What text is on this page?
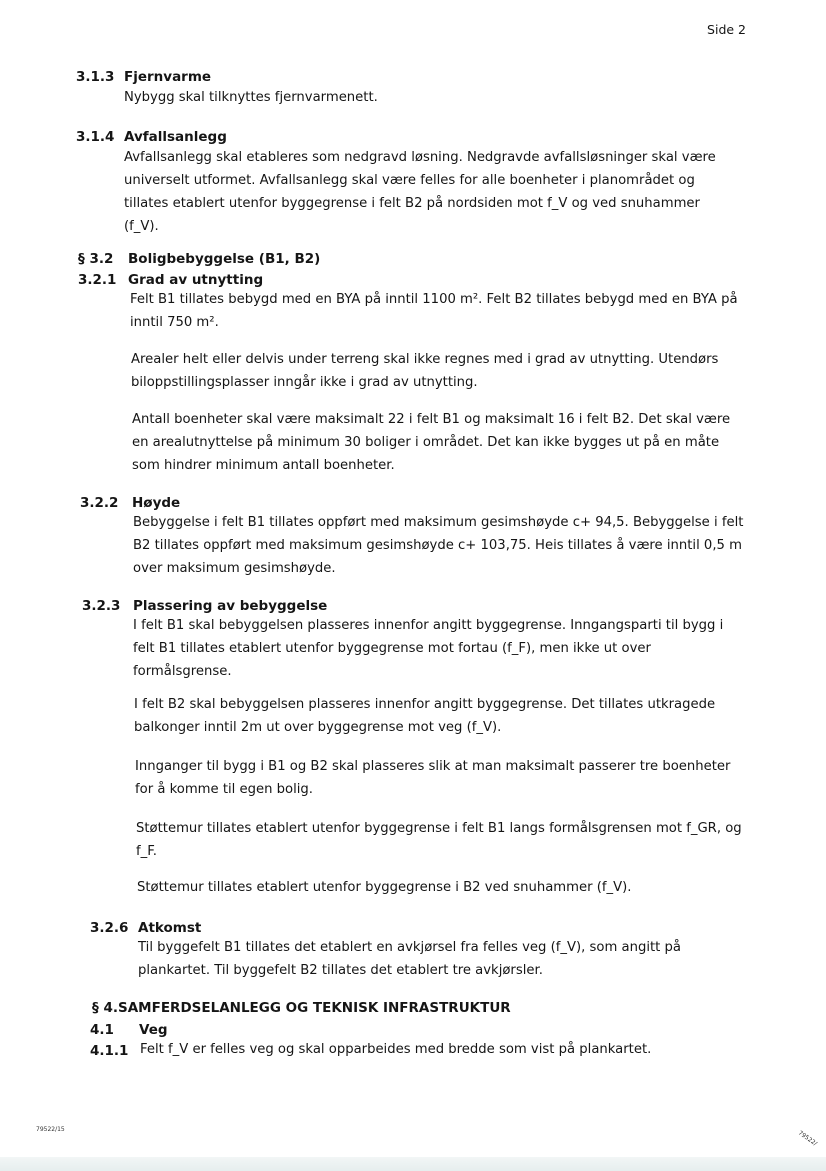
Side 2
3.1.3 Fjernvarme
Nybygg skal tilknyttes fjernvarmenett.
3.1.4 Avfallsanlegg
Avfallsanlegg skal etableres som nedgravd løsning. Nedgravde avfallsløsninger skal være universelt utformet. Avfallsanlegg skal være felles for alle boenheter i planområdet og tillates etablert utenfor byggegrense i felt B2 på nordsiden mot f_V og ved snuhammer (f_V).
§ 3.2 Boligbebyggelse (B1, B2)
3.2.1 Grad av utnytting
Felt B1 tillates bebygd med en BYA på inntil 1100 m². Felt B2 tillates bebygd med en BYA på inntil 750 m².
Arealer helt eller delvis under terreng skal ikke regnes med i grad av utnytting. Utendørs biloppstillingsplasser inngår ikke i grad av utnytting.
Antall boenheter skal være maksimalt 22 i felt B1 og maksimalt 16 i felt B2. Det skal være en arealutnyttelse på minimum 30 boliger i området. Det kan ikke bygges ut på en måte som hindrer minimum antall boenheter.
3.2.2 Høyde
Bebyggelse i felt B1 tillates oppført med maksimum gesimshøyde c+ 94,5. Bebyggelse i felt B2 tillates oppført med maksimum gesimshøyde c+ 103,75. Heis tillates å være inntil 0,5 m over maksimum gesimshøyde.
3.2.3 Plassering av bebyggelse
I felt B1 skal bebyggelsen plasseres innenfor angitt byggegrense. Inngangsparti til bygg i felt B1 tillates etablert utenfor byggegrense mot fortau (f_F), men ikke ut over formålsgrense.
I felt B2 skal bebyggelsen plasseres innenfor angitt byggegrense. Det tillates utkragede balkonger inntil 2m ut over byggegrense mot veg (f_V).
Innganger til bygg i B1 og B2 skal plasseres slik at man maksimalt passerer tre boenheter for å komme til egen bolig.
Støttemur tillates etablert utenfor byggegrense i felt B1 langs formålsgrensen mot f_GR, og f_F.
Støttemur tillates etablert utenfor byggegrense i B2 ved snuhammer (f_V).
3.2.6 Atkomst
Til byggefelt B1 tillates det etablert en avkjørsel fra felles veg (f_V), som angitt på plankartet. Til byggefelt B2 tillates det etablert tre avkjørsler.
§ 4. SAMFERDSELANLEGG OG TEKNISK INFRASTRUKTUR
4.1 Veg
4.1.1 Felt f_V er felles veg og skal opparbeides med bredde som vist på plankartet.
79522/15
79522/
